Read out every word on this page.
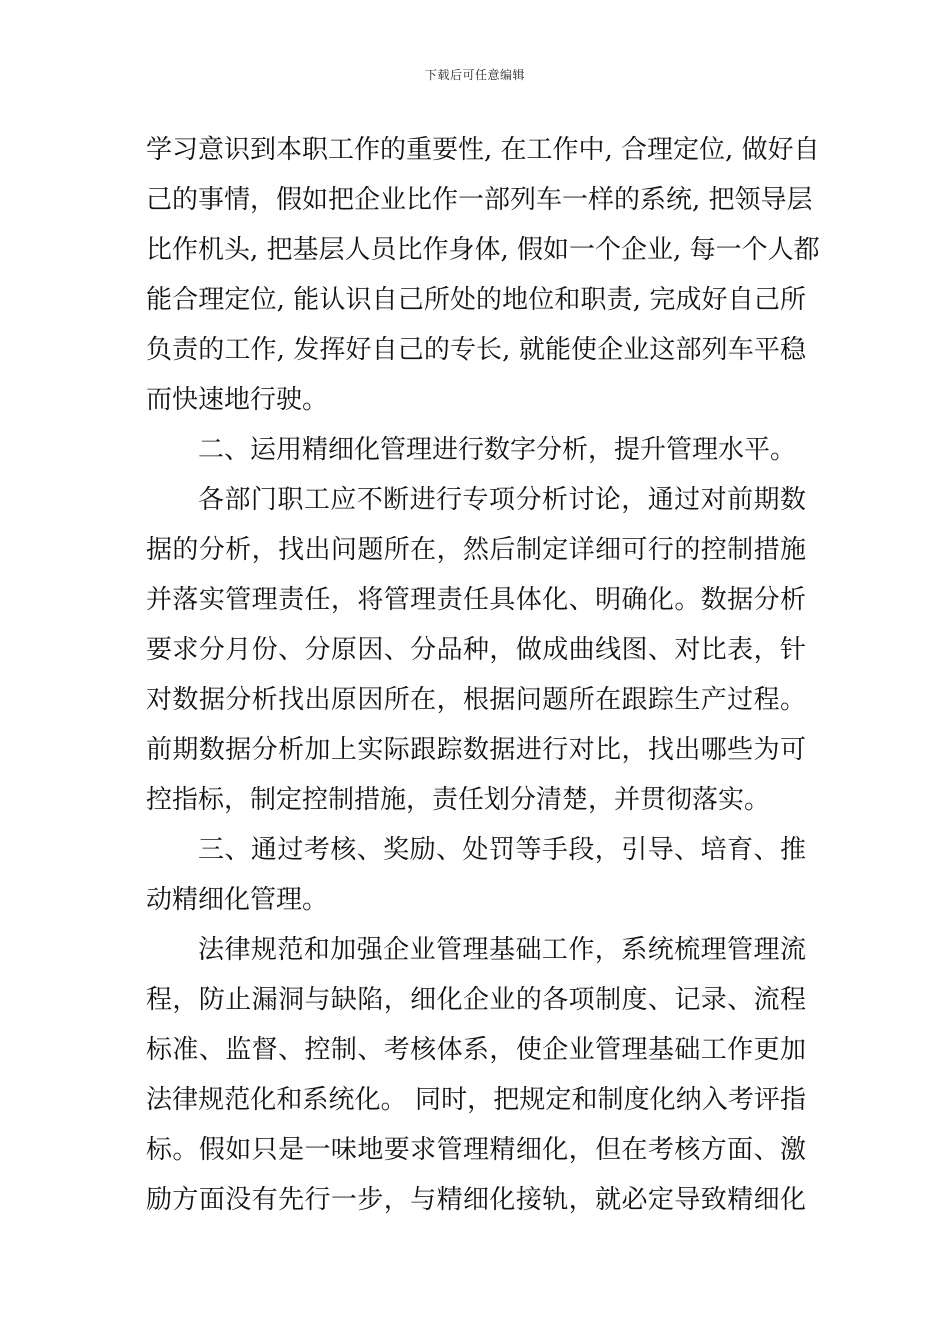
下载后可任意编辑
学习意识到本职工作的重要性, 在工作中, 合理定位, 做好自
己的事情，假如把企业比作一部列车一样的系统, 把领导层
比作机头, 把基层人员比作身体, 假如一个企业, 每一个人都
能合理定位, 能认识自己所处的地位和职责, 完成好自己所
负责的工作, 发挥好自己的专长, 就能使企业这部列车平稳
而快速地行驶。
二、运用精细化管理进行数字分析，提升管理水平。
各部门职工应不断进行专项分析讨论，通过对前期数
据的分析，找出问题所在，然后制定详细可行的控制措施
并落实管理责任，将管理责任具体化、明确化。数据分析
要求分月份、分原因、分品种，做成曲线图、对比表，针
对数据分析找出原因所在，根据问题所在跟踪生产过程。
前期数据分析加上实际跟踪数据进行对比，找出哪些为可
控指标，制定控制措施，责任划分清楚，并贯彻落实。
三、通过考核、奖励、处罚等手段，引导、培育、推
动精细化管理。
法律规范和加强企业管理基础工作，系统梳理管理流
程，防止漏洞与缺陷，细化企业的各项制度、记录、流程
标准、监督、控制、考核体系，使企业管理基础工作更加
法律规范化和系统化。 同时，把规定和制度化纳入考评指
标。假如只是一味地要求管理精细化，但在考核方面、激
励方面没有先行一步，与精细化接轨，就必定导致精细化
